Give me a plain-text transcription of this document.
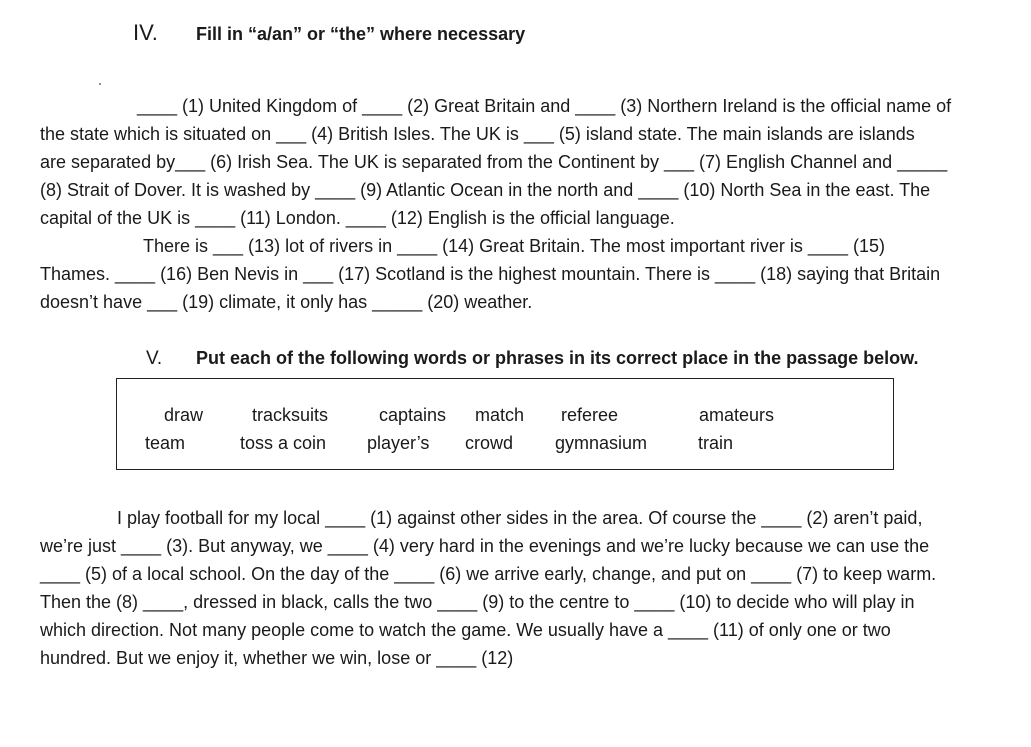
IV. Fill in “a/an” or “the” where necessary
____ (1) United Kingdom of ____ (2) Great Britain and ____ (3) Northern Ireland is the official name of
the state which is situated on ___ (4) British Isles. The UK is ___ (5) island state. The main islands are islands
are separated by___ (6) Irish Sea. The UK is separated from the Continent by ___ (7) English Channel and _____
(8) Strait of Dover. It is washed by ____ (9) Atlantic Ocean in the north and ____ (10) North Sea in the east. The
capital of the UK is ____ (11) London. ____ (12) English is the official language.
There is ___ (13) lot of rivers in ____ (14) Great Britain. The most important river is ____ (15)
Thames. ____ (16) Ben Nevis in ___ (17) Scotland is the highest mountain. There is ____ (18) saying that Britain
doesn’t have ___ (19) climate, it only has _____ (20) weather.
V. Put each of the following words or phrases in its correct place in the passage below.
draw	tracksuits	captains match referee	amateurs
team	toss a coin player’s crowd gymnasium	train
I play football for my local ____ (1) against other sides in the area. Of course the ____ (2) aren’t paid,
we’re just ____ (3). But anyway, we ____ (4) very hard in the evenings and we’re lucky because we can use the
____ (5) of a local school. On the day of the ____ (6) we arrive early, change, and put on ____ (7) to keep warm.
Then the (8) ____, dressed in black, calls the two ____ (9) to the centre to ____ (10) to decide who will play in
which direction. Not many people come to watch the game. We usually have a ____ (11) of only one or two
hundred. But we enjoy it, whether we win, lose or ____ (12)
